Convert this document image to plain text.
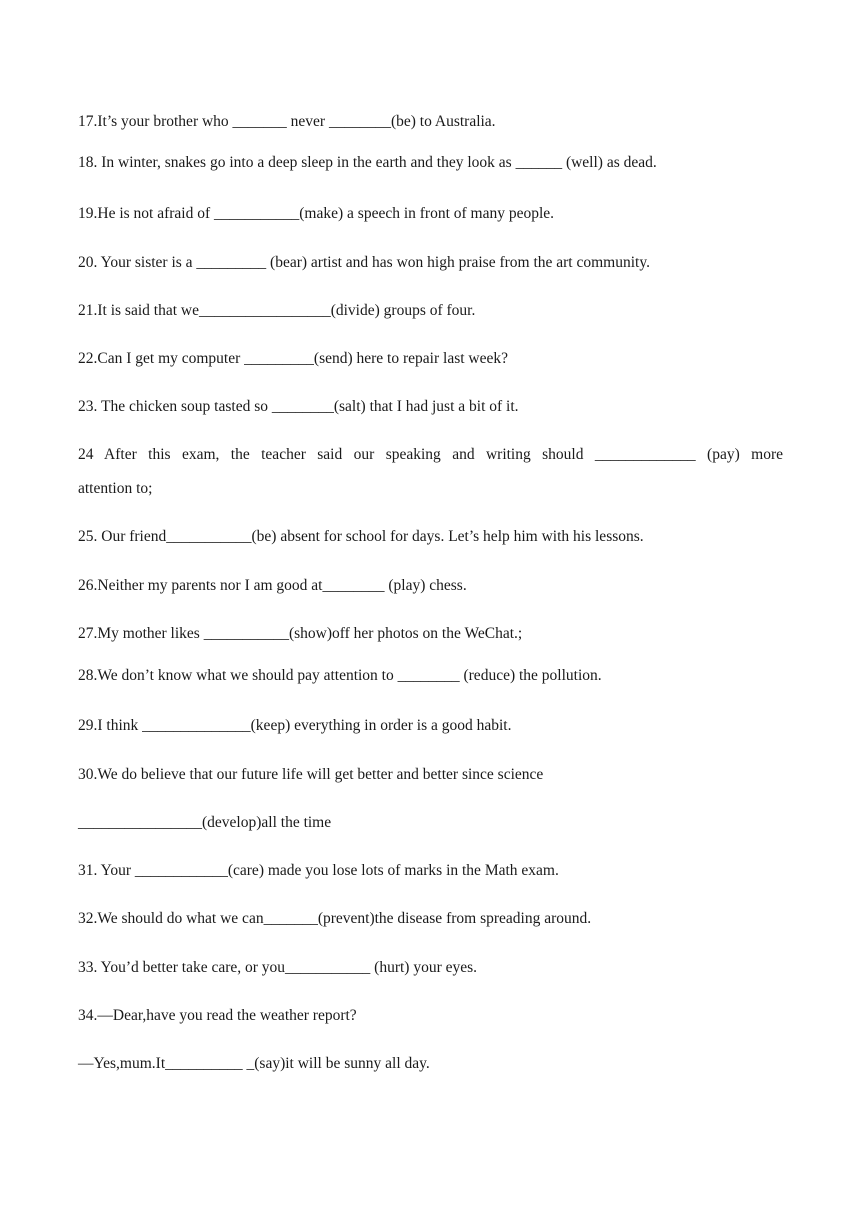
17.It’s your brother who _______ never ________(be) to Australia.
18. In winter, snakes go into a deep sleep in the earth and they look as ______ (well) as dead.
19.He is not afraid of ___________(make) a speech in front of many people.
20. Your sister is a _________ (bear) artist and has won high praise from the art community.
21.It is said that we_________________(divide) groups of four.
22.Can I get my computer _________(send) here to repair last week?
23. The chicken soup tasted so ________(salt) that I had just a bit of it.
24 After this exam, the teacher said our speaking and writing should _____________ (pay) more
attention to;
25. Our friend___________(be) absent for school for days. Let’s help him with his lessons.
26.Neither my parents nor I am good at________ (play) chess.
27.My mother likes ___________(show)off her photos on the WeChat.;
28.We don’t know what we should pay attention to ________ (reduce) the pollution.
29.I think ______________(keep) everything in order is a good habit.
30.We do believe that our future life will get better and better since science
________________(develop)all the time
31. Your ____________(care) made you lose lots of marks in the Math exam.
32.We should do what we can_______(prevent)the disease from spreading around.
33. You’d better take care, or you___________ (hurt) your eyes.
34.—Dear,have you read the weather report?
—Yes,mum.It__________ _(say)it will be sunny all day.
